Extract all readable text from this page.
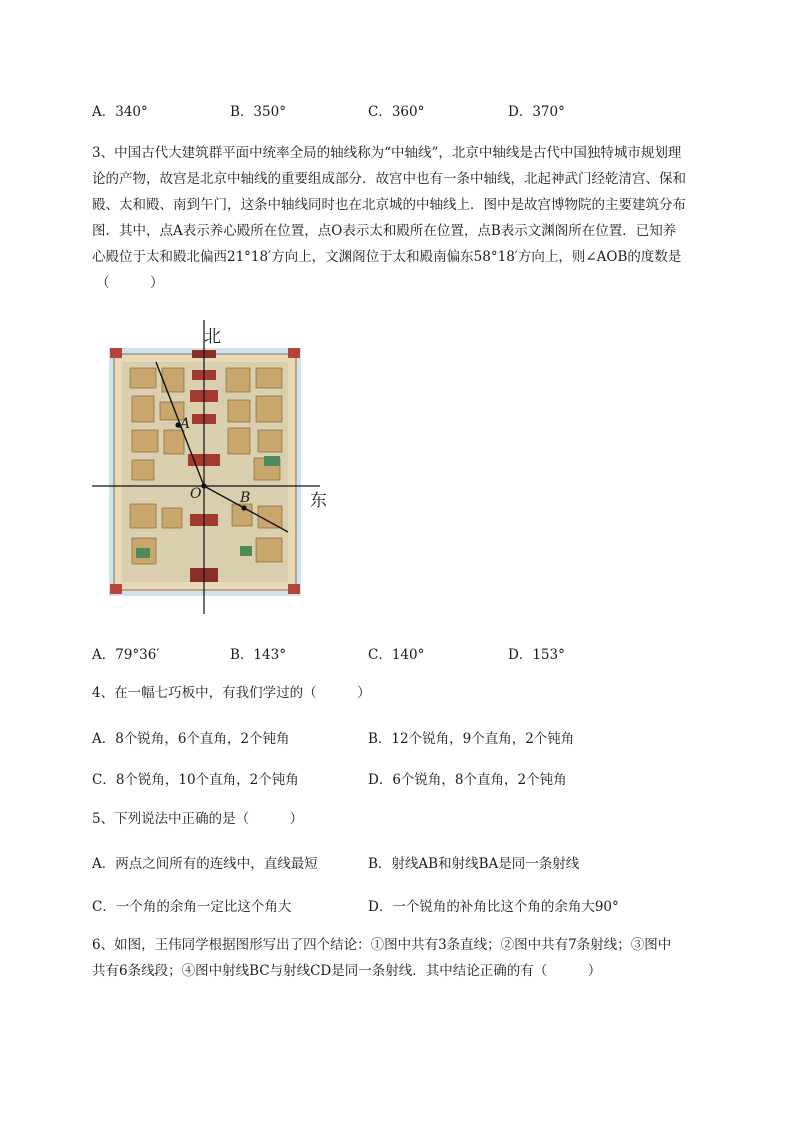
A．340°	B．350°	C．360°	D．370°
3、中国古代大建筑群平面中统率全局的轴线称为“中轴线”，北京中轴线是古代中国独特城市规划理
论的产物，故宫是北京中轴线的重要组成部分．故宫中也有一条中轴线，北起神武门经乾清宫、保和
殿、太和殿、南到午门，这条中轴线同时也在北京城的中轴线上．图中是故宫博物院的主要建筑分布
图．其中，点A表示养心殿所在位置，点O表示太和殿所在位置，点B表示文渊阁所在位置．已知养
心殿位于太和殿北偏西21°18′方向上，文渊阁位于太和殿南偏东58°18′方向上，则∠AOB的度数是
（　　　）
北
东
A
O	B
A．79°36′	B．143°	C．140°	D．153°
4、在一幅七巧板中，有我们学过的（　　　）
A．8个锐角，6个直角，2个钝角	B．12个锐角，9个直角，2个钝角
C．8个锐角，10个直角，2个钝角	D．6个锐角，8个直角，2个钝角
5、下列说法中正确的是（　　　）
A．两点之间所有的连线中，直线最短	B．射线AB和射线BA是同一条射线
C．一个角的余角一定比这个角大	D．一个锐角的补角比这个角的余角大90°
6、如图，王伟同学根据图形写出了四个结论：①图中共有3条直线；②图中共有7条射线；③图中
共有6条线段；④图中射线BC与射线CD是同一条射线．其中结论正确的有（　　　）
